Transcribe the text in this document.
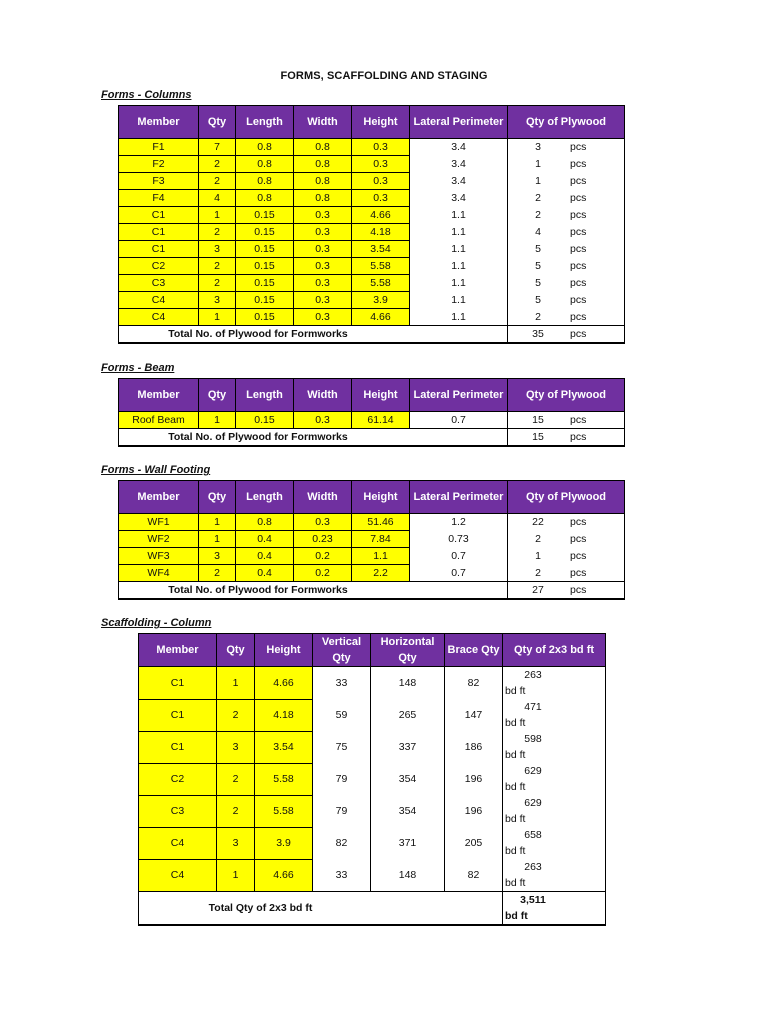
FORMS, SCAFFOLDING AND STAGING
Forms - Columns
Member	Qty	Length	Width	Height	Lateral Perimeter	Qty of Plywood
F1	7	0.8	0.8	0.3	3.4	3 pcs
F2	2	0.8	0.8	0.3	3.4	1 pcs
F3	2	0.8	0.8	0.3	3.4	1 pcs
F4	4	0.8	0.8	0.3	3.4	2 pcs
C1	1	0.15	0.3	4.66	1.1	2 pcs
C1	2	0.15	0.3	4.18	1.1	4 pcs
C1	3	0.15	0.3	3.54	1.1	5 pcs
C2	2	0.15	0.3	5.58	1.1	5 pcs
C3	2	0.15	0.3	5.58	1.1	5 pcs
C4	3	0.15	0.3	3.9	1.1	5 pcs
C4	1	0.15	0.3	4.66	1.1	2 pcs
Total No. of Plywood for Formworks						35 pcs
Forms - Beam
Member	Qty	Length	Width	Height	Lateral Perimeter	Qty of Plywood
Roof Beam	1	0.15	0.3	61.14	0.7	15 pcs
Total No. of Plywood for Formworks						15 pcs
Forms - Wall Footing
Member	Qty	Length	Width	Height	Lateral Perimeter	Qty of Plywood
WF1	1	0.8	0.3	51.46	1.2	22 pcs
WF2	1	0.4	0.23	7.84	0.73	2 pcs
WF3	3	0.4	0.2	1.1	0.7	1 pcs
WF4	2	0.4	0.2	2.2	0.7	2 pcs
Total No. of Plywood for Formworks						27 pcs
Scaffolding - Column
Member	Qty	Height	Vertical Qty	Horizontal Qty	Brace Qty	Qty of 2x3 bd ft
C1	1	4.66	33	148	82	263bd ft
C1	2	4.18	59	265	147	471bd ft
C1	3	3.54	75	337	186	598bd ft
C2	2	5.58	79	354	196	629bd ft
C3	2	5.58	79	354	196	629bd ft
C4	3	3.9	82	371	205	658bd ft
C4	1	4.66	33	148	82	263bd ft
Total Qty of 2x3 bd ft						3,511bd ft
